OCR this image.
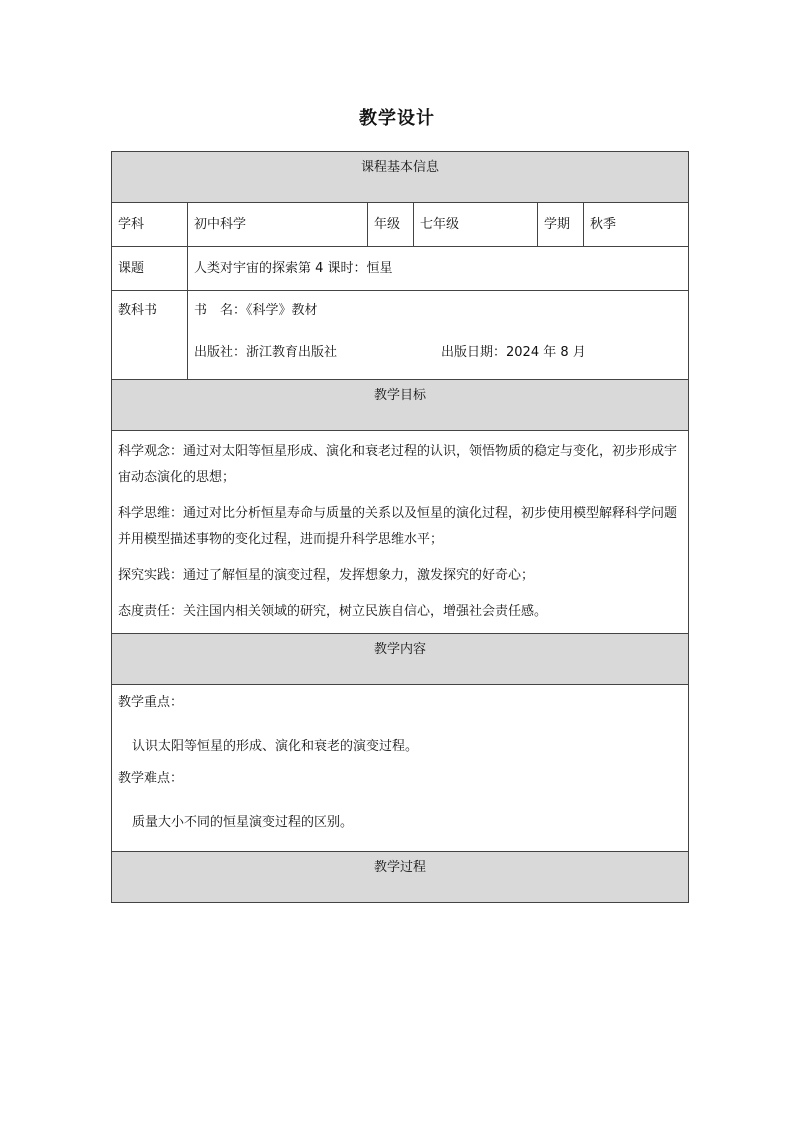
教学设计
课程基本信息					
学科	初中科学	年级	七年级	学期	秋季
课题	人类对宇宙的探索第 4 课时：恒星				
教科书	书　名：《科学》教材
出版社：浙江教育出版社 出版日期：2024 年 8 月				

教学目标					

科学观念：通过对太阳等恒星形成、演化和衰老过程的认识，领悟物质的稳定与变化，初步形成宇宙动态演化的思想；

科学思维：通过对比分析恒星寿命与质量的关系以及恒星的演化过程，初步使用模型解释科学问题并用模型描述事物的变化过程，进而提升科学思维水平；

探究实践：通过了解恒星的演变过程，发挥想象力，激发探究的好奇心；

态度责任：关注国内相关领域的研究，树立民族自信心，增强社会责任感。					

教学内容					

教学重点：

认识太阳等恒星的形成、演化和衰老的演变过程。

教学难点：

质量大小不同的恒星演变过程的区别。					

教学过程					
